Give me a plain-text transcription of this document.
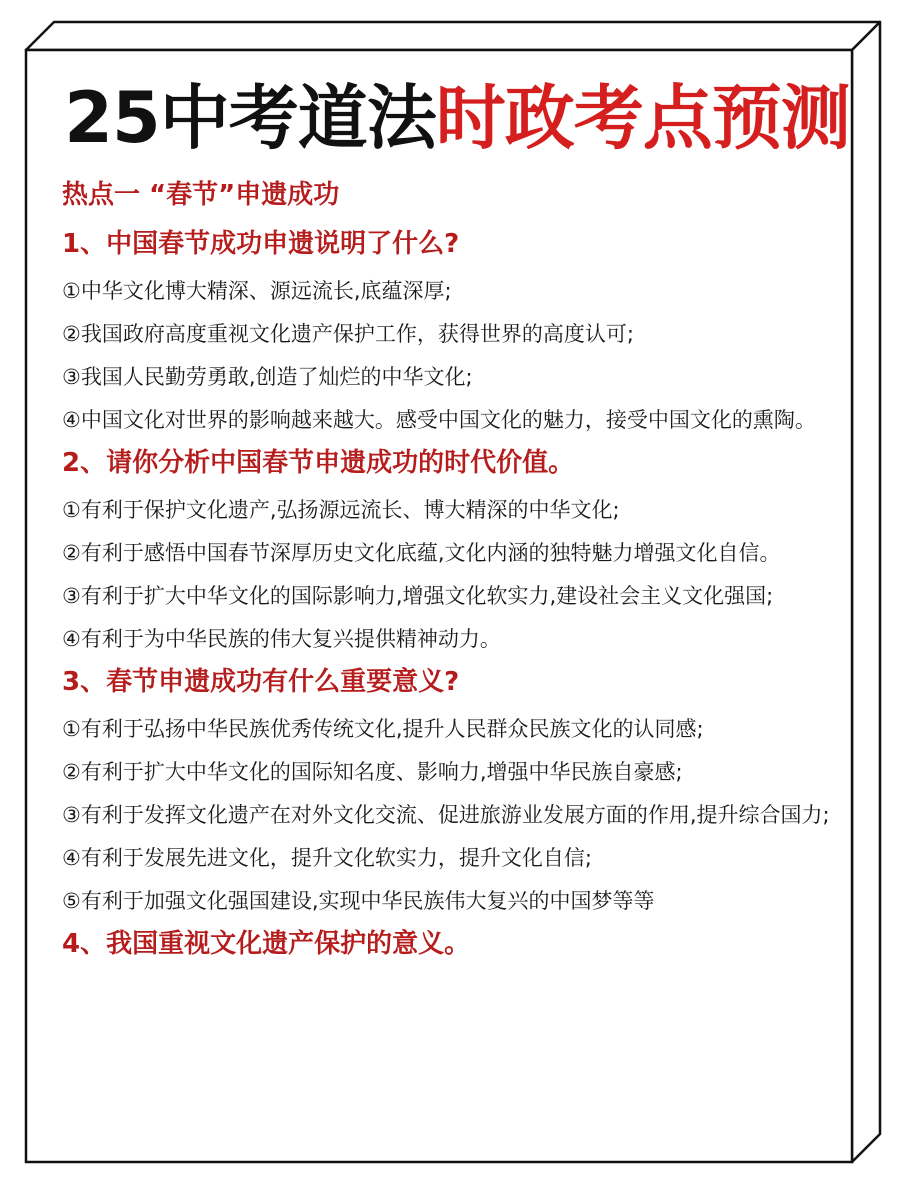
25中考道法时政考点预测
热点一 “春节”申遗成功
1、中国春节成功申遗说明了什么?
①中华文化博大精深、源远流长,底蕴深厚;
②我国政府高度重视文化遗产保护工作，获得世界的高度认可;
③我国人民勤劳勇敢,创造了灿烂的中华文化;
④中国文化对世界的影响越来越大。感受中国文化的魅力，接受中国文化的熏陶。
2、请你分析中国春节申遗成功的时代价值。
①有利于保护文化遗产,弘扬源远流长、博大精深的中华文化;
②有利于感悟中国春节深厚历史文化底蕴,文化内涵的独特魅力增强文化自信。
③有利于扩大中华文化的国际影响力,增强文化软实力,建设社会主义文化强国;
④有利于为中华民族的伟大复兴提供精神动力。
3、春节申遗成功有什么重要意义?
①有利于弘扬中华民族优秀传统文化,提升人民群众民族文化的认同感;
②有利于扩大中华文化的国际知名度、影响力,增强中华民族自豪感;
③有利于发挥文化遗产在对外文化交流、促进旅游业发展方面的作用,提升综合国力;
④有利于发展先进文化，提升文化软实力，提升文化自信;
⑤有利于加强文化强国建设,实现中华民族伟大复兴的中国梦等等
4、我国重视文化遗产保护的意义。
